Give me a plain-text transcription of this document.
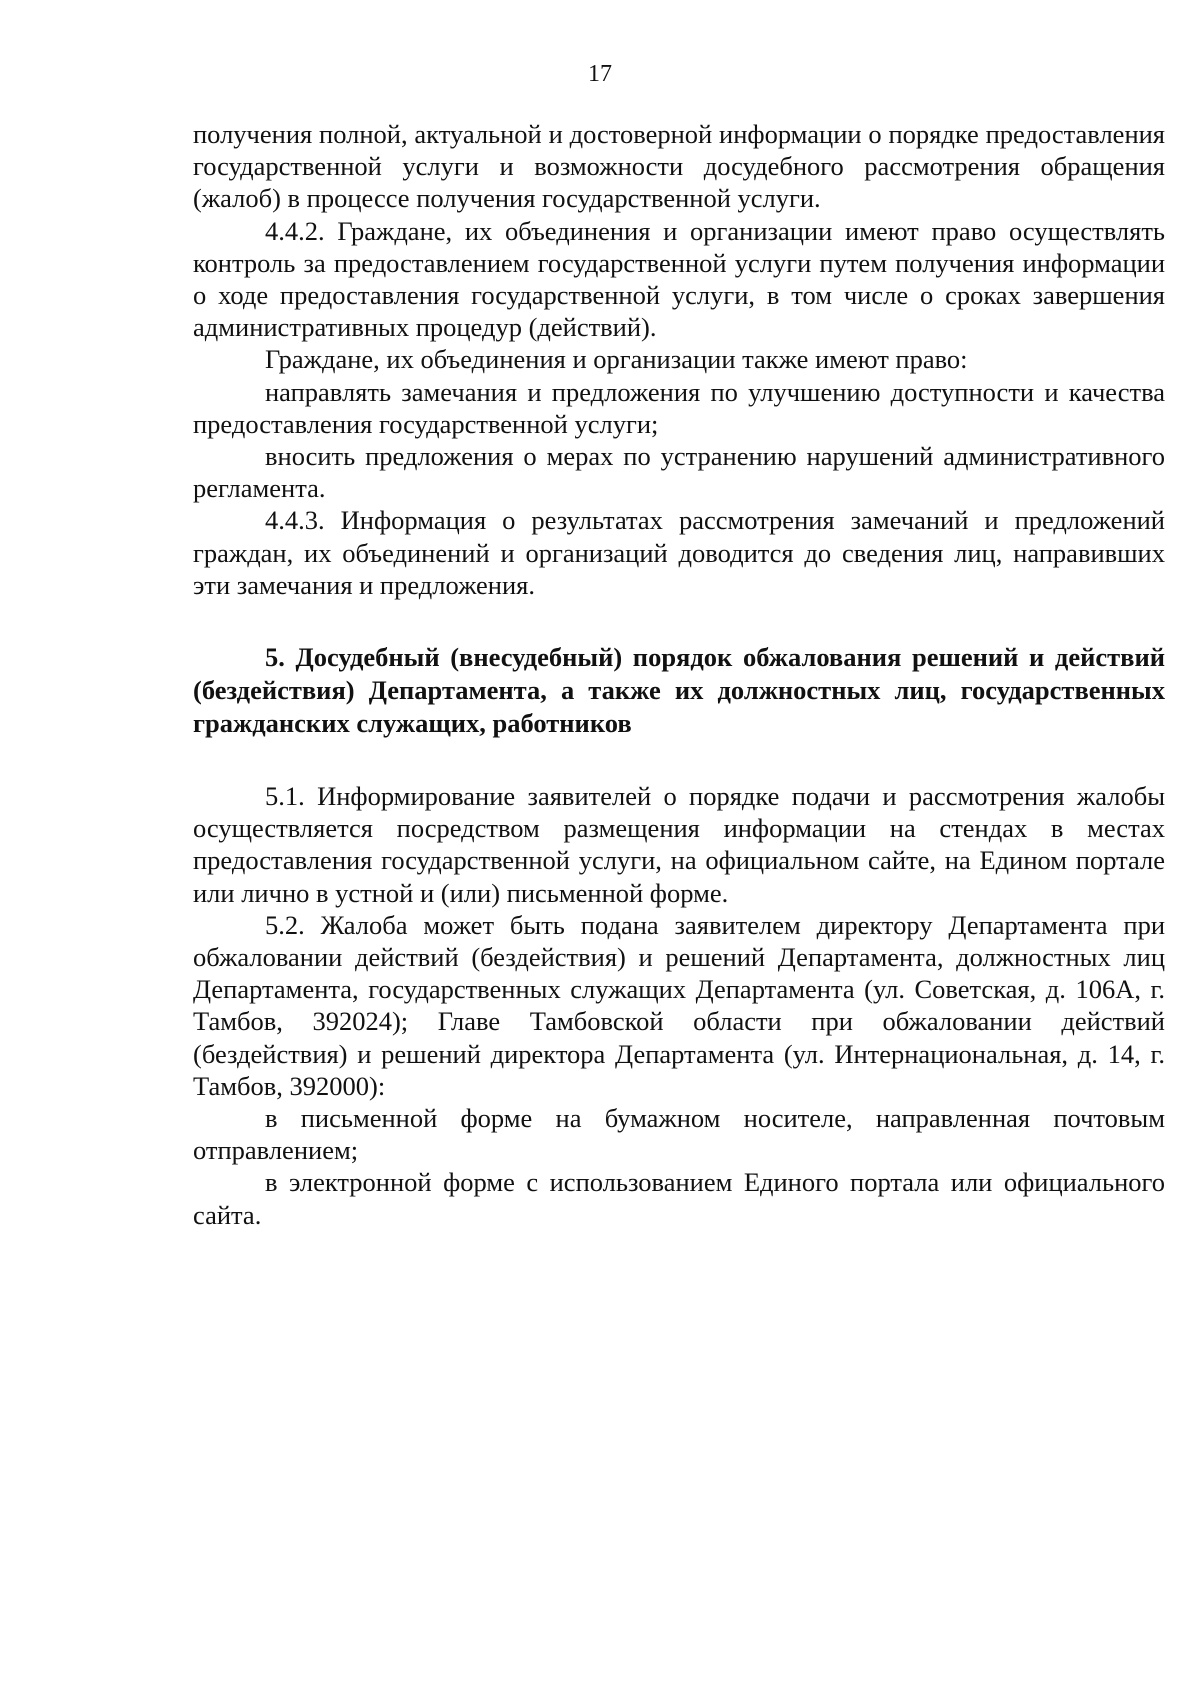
17

получения полной, актуальной и достоверной информации о порядке предоставления государственной услуги и возможности досудебного рассмотрения обращения (жалоб) в процессе получения государственной услуги.

4.4.2. Граждане, их объединения и организации имеют право осуществлять контроль за предоставлением государственной услуги путем получения информации о ходе предоставления государственной услуги, в том числе о сроках завершения административных процедур (действий).

Граждане, их объединения и организации также имеют право:

направлять замечания и предложения по улучшению доступности и качества предоставления государственной услуги;

вносить предложения о мерах по устранению нарушений административного регламента.

4.4.3. Информация о результатах рассмотрения замечаний и предложений граждан, их объединений и организаций доводится до сведения лиц, направивших эти замечания и предложения.

5. Досудебный (внесудебный) порядок обжалования решений и действий (бездействия) Департамента, а также их должностных лиц, государственных гражданских служащих, работников

5.1. Информирование заявителей о порядке подачи и рассмотрения жалобы осуществляется посредством размещения информации на стендах в местах предоставления государственной услуги, на официальном сайте, на Едином портале или лично в устной и (или) письменной форме.

5.2. Жалоба может быть подана заявителем директору Департамента при обжаловании действий (бездействия) и решений Департамента, должностных лиц Департамента, государственных служащих Департамента (ул. Советская, д. 106А, г. Тамбов, 392024); Главе Тамбовской области при обжаловании действий (бездействия) и решений директора Департамента (ул. Интернациональная, д. 14, г. Тамбов, 392000):

в письменной форме на бумажном носителе, направленная почтовым отправлением;

в электронной форме с использованием Единого портала или официального сайта.
